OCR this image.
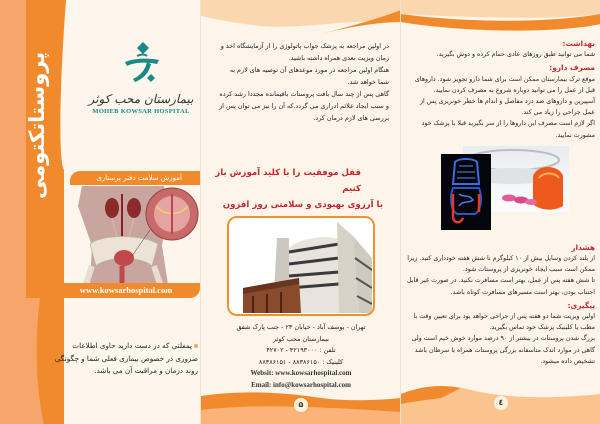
پروستاتکتومی	بیمارستان محب کوثر
MOHEB KOWSAR HOSPITAL
آموزش سلامت دفتر پرستاری
www.kowsarhospital.com
پمفلتی که در دست دارید حاوی اطلاعات ضروری در خصوص بیماری فعلی شما و چگونگی روند درمان و مراقبت آن می باشد.

در اولین مراجعه به پزشک جواب پاتولوژی را از آزمایشگاه اخذ و زمان ویزیت بعدی همراه داشته باشید.

هنگام اولین مراجعه در مورد موعدهای آن توصیه های لازم به شما خواهد شد.

گاهی پس از چند سال بافت پروستات باقیمانده مجددا رشد کرده و سبب ایجاد علائم ادراری می گردد.که آن را نیز می توان پس از بررسی های لازم درمان کرد.

قفل موفقیت را با کلید آموزش باز کنیم
با آرزوی بهبودی و سلامتی روز افزون
تهران - یوسف آباد - خیابان ۲۳ - جنب پارک شفق
بیمارستان محب کوثر
تلفن : ۴۲۱۹۳۰۰۰ - ۴۲۷۰۲
کلینیک : ۸۸۳۸۶۱۵۰ - ۸۸۳۸۶۱۵۱
Websit: www.kowsarhospital.com
Email: info@kowsarhospital.com
۵
بهداشت:

شما می توانید طبق روزهای عادی حمام کرده و دوش بگیرید.

مصرف دارو:

موقع ترک بیمارستان ممکن است برای شما دارو تجویز شود. داروهای قبل از عمل را می توانید دوباره شروع به مصرف کردن نمایید.

آسپیرین و داروهای ضد درد مفاصل و اندام ها خطر خونریزی پس از عمل جراحی را زیاد می کند.

اگر لازم است مصرف این داروها را از سر بگیرید قبلا با پزشک خود مشورت نمایید.

هشدار

از بلند کردن وسایل بیش از ۱۰ کیلوگرم تا شش هفته خودداری کنید. زیرا ممکن است سبب ایجاد خونریزی از پروستات شود.

تا شش هفته پس از عمل، بهتر است مسافرت نکنید. در صورت غیر قابل اجتناب بودن، بهتر است مسیرهای مسافرت کوتاه باشد.

پیگیری:

اولین ویزیت شما دو هفته پس از جراحی خواهد بود برای تعیین وقت با مطب یا کلینیک پزشک خود تماس بگیرید.

بزرگ شدن پروستات در بیشتر از ۹۰ درصد موارد خوش خیم است ولی گاهی در موارد اندک متاسفانه بزرگی پروستات همراه با سرطان باشد تشخیص داده میشود.

٤
